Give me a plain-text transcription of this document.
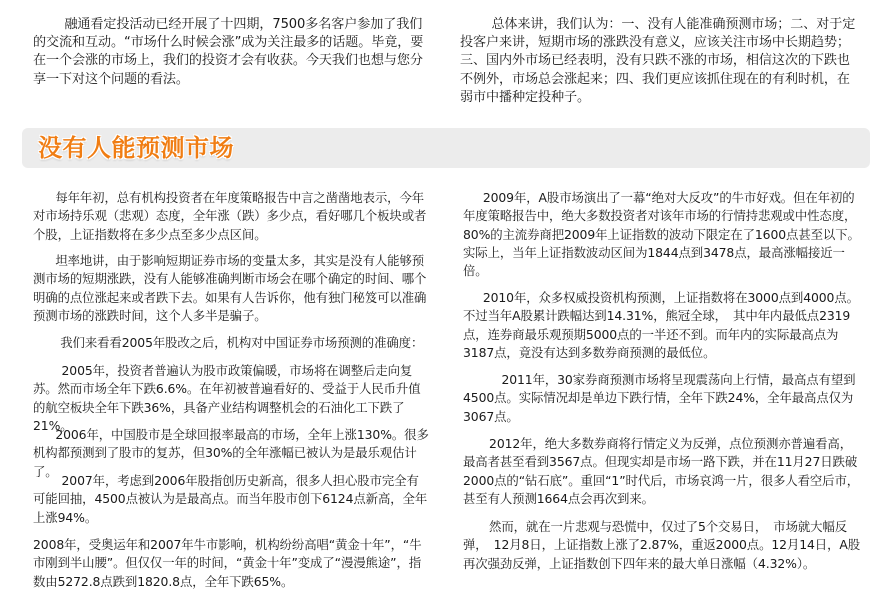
融通看定投活动已经开展了十四期，7500多名客户参加了我们的交流和互动。“市场什么时候会涨”成为关注最多的话题。毕竟，要在一个会涨的市场上，我们的投资才会有收获。今天我们也想与您分享一下对这个问题的看法。

总体来讲，我们认为：一、没有人能准确预测市场；二、对于定投客户来讲，短期市场的涨跌没有意义，应该关注市场中长期趋势；三、国内外市场已经表明，没有只跌不涨的市场，相信这次的下跌也不例外，市场总会涨起来；四、我们更应该抓住现在的有利时机，在弱市中播种定投种子。

没有人能预测市场

每年年初，总有机构投资者在年度策略报告中言之凿凿地表示，今年对市场持乐观（悲观）态度，全年涨（跌）多少点，看好哪几个板块或者个股，上证指数将在多少点至多少点区间。

坦率地讲，由于影响短期证券市场的变量太多，其实是没有人能够预测市场的短期涨跌，没有人能够准确判断市场会在哪个确定的时间、哪个明确的点位涨起来或者跌下去。如果有人告诉你，他有独门秘笈可以准确预测市场的涨跌时间，这个人多半是骗子。

我们来看看2005年股改之后，机构对中国证券市场预测的准确度：

2005年，投资者普遍认为股市政策偏暖，市场将在调整后走向复苏。然而市场全年下跌6.6%。在年初被普遍看好的、受益于人民币升值的航空板块全年下跌36%，具备产业结构调整机会的石油化工下跌了21%。

2006年，中国股市是全球回报率最高的市场，全年上涨130%。很多机构都预测到了股市的复苏，但30%的全年涨幅已被认为是最乐观估计了。

2007年，考虑到2006年股指创历史新高，很多人担心股市完全有可能回抽，4500点被认为是最高点。而当年股市创下6124点新高，全年上涨94%。

2008年，受奥运年和2007年牛市影响，机构纷纷高唱“黄金十年”，“牛市刚到半山腰”。但仅仅一年的时间，“黄金十年”变成了“漫漫熊途”，指数由5272.8点跌到1820.8点，全年下跌65%。

2009年，A股市场演出了一幕“绝对大反攻”的牛市好戏。但在年初的年度策略报告中，绝大多数投资者对该年市场的行情持悲观或中性态度，80%的主流券商把2009年上证指数的波动下限定在了1600点甚至以下。实际上，当年上证指数波动区间为1844点到3478点，最高涨幅接近一倍。

2010年，众多权威投资机构预测，上证指数将在3000点到4000点。不过当年A股累计跌幅达到14.31%，熊冠全球，　其中年内最低点2319点，连券商最乐观预期5000点的一半还不到。而年内的实际最高点为3187点，竟没有达到多数券商预测的最低位。

2011年，30家券商预测市场将呈现震荡向上行情，最高点有望到4500点。实际情况却是单边下跌行情，全年下跌24%，全年最高点仅为3067点。

2012年，绝大多数券商将行情定义为反弹，点位预测亦普遍看高，最高者甚至看到3567点。但现实却是市场一路下跌，并在11月27日跌破2000点的“钻石底”。重回“1”时代后，市场哀鸿一片，很多人看空后市，甚至有人预测1664点会再次到来。

然而，就在一片悲观与恐慌中，仅过了5个交易日，　市场就大幅反弹，　12月8日，上证指数上涨了2.87%，重返2000点。12月14日，A股再次强劲反弹，上证指数创下四年来的最大单日涨幅（4.32%）。
